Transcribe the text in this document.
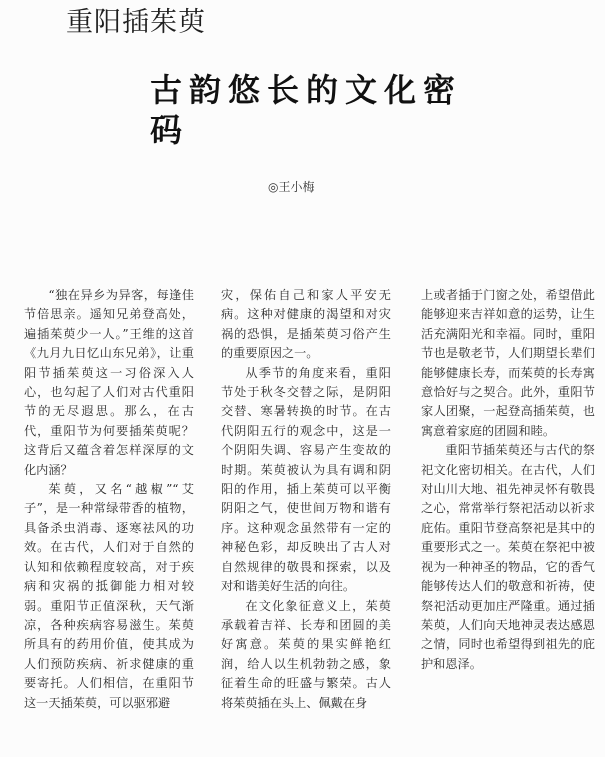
重阳插茱萸
古韵悠长的文化密码
◎王小梅

“独在异乡为异客，每逢佳节倍思亲。遥知兄弟登高处，遍插茱萸少一人。”王维的这首《九月九日忆山东兄弟》，让重阳节插茱萸这一习俗深入人心，也勾起了人们对古代重阳节的无尽遐思。那么，在古代，重阳节为何要插茱萸呢？这背后又蕴含着怎样深厚的文化内涵？

茱萸，又名“越椒”“艾子”，是一种常绿带香的植物，具备杀虫消毒、逐寒祛风的功效。在古代，人们对于自然的认知和依赖程度较高，对于疾病和灾祸的抵御能力相对较弱。重阳节正值深秋，天气渐凉，各种疾病容易滋生。茱萸所具有的药用价值，使其成为人们预防疾病、祈求健康的重要寄托。人们相信，在重阳节这一天插茱萸，可以驱邪避

灾，保佑自己和家人平安无病。这种对健康的渴望和对灾祸的恐惧，是插茱萸习俗产生的重要原因之一。

从季节的角度来看，重阳节处于秋冬交替之际，是阴阳交替、寒暑转换的时节。在古代阴阳五行的观念中，这是一个阴阳失调、容易产生变故的时期。茱萸被认为具有调和阴阳的作用，插上茱萸可以平衡阴阳之气，使世间万物和谐有序。这种观念虽然带有一定的神秘色彩，却反映出了古人对自然规律的敬畏和探索，以及对和谐美好生活的向往。

在文化象征意义上，茱萸承载着吉祥、长寿和团圆的美好寓意。茱萸的果实鲜艳红润，给人以生机勃勃之感，象征着生命的旺盛与繁荣。古人将茱萸插在头上、佩戴在身

上或者插于门窗之处，希望借此能够迎来吉祥如意的运势，让生活充满阳光和幸福。同时，重阳节也是敬老节，人们期望长辈们能够健康长寿，而茱萸的长寿寓意恰好与之契合。此外，重阳节家人团聚，一起登高插茱萸，也寓意着家庭的团圆和睦。

重阳节插茱萸还与古代的祭祀文化密切相关。在古代，人们对山川大地、祖先神灵怀有敬畏之心，常常举行祭祀活动以祈求庇佑。重阳节登高祭祀是其中的重要形式之一。茱萸在祭祀中被视为一种神圣的物品，它的香气能够传达人们的敬意和祈祷，使祭祀活动更加庄严隆重。通过插茱萸，人们向天地神灵表达感恩之情，同时也希望得到祖先的庇护和恩泽。
